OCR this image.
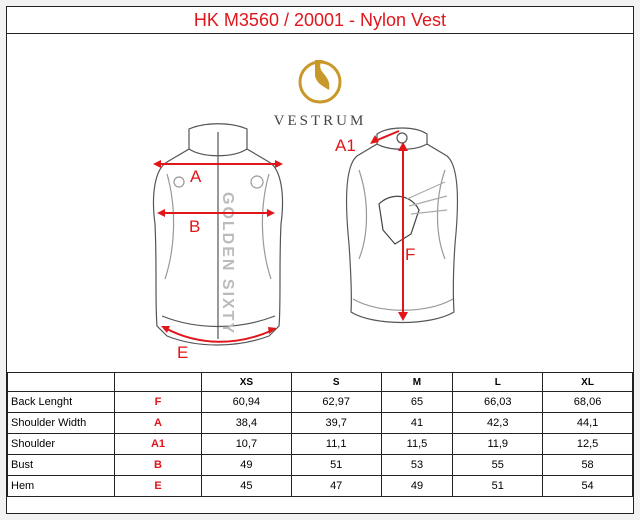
HK M3560 / 20001 - Nylon Vest
VESTRUM
GOLDEN SIXTY
A
B
E
A1
F
		XS	S	M	L	XL
Back Lenght	F	60,94	62,97	65	66,03	68,06
Shoulder Width	A	38,4	39,7	41	42,3	44,1
Shoulder	A1	10,7	11,1	11,5	11,9	12,5
Bust	B	49	51	53	55	58
Hem	E	45	47	49	51	54
